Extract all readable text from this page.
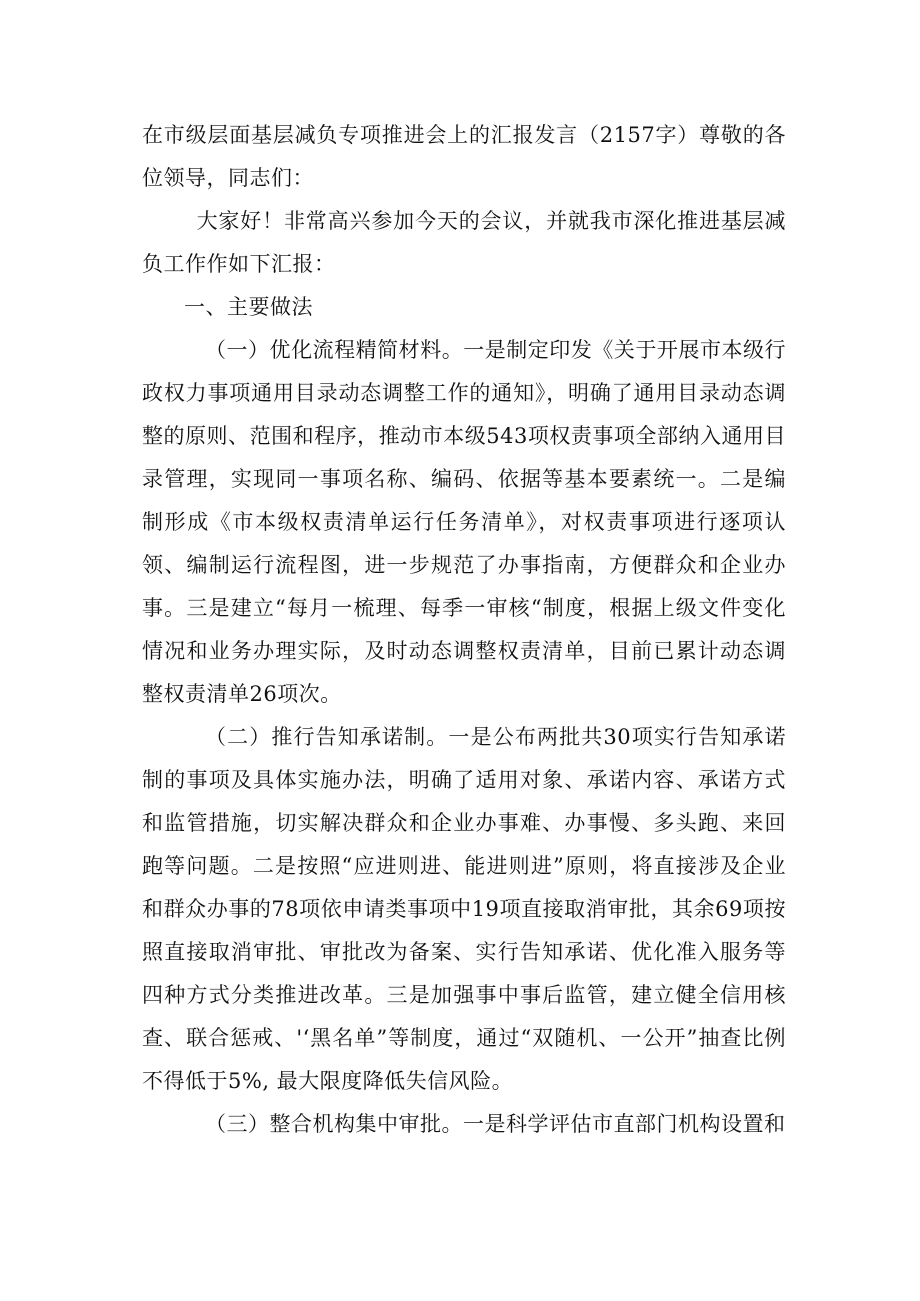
在市级层面基层减负专项推进会上的汇报发言（2157字）尊敬的各位领导，同志们：

大家好！非常高兴参加今天的会议，并就我市深化推进基层减负工作作如下汇报：

一、主要做法

（一）优化流程精简材料。一是制定印发《关于开展市本级行政权力事项通用目录动态调整工作的通知》，明确了通用目录动态调整的原则、范围和程序，推动市本级543项权责事项全部纳入通用目录管理，实现同一事项名称、编码、依据等基本要素统一。二是编制形成《市本级权责清单运行任务清单》，对权责事项进行逐项认领、编制运行流程图，进一步规范了办事指南，方便群众和企业办事。三是建立“每月一梳理、每季一审核“制度，根据上级文件变化情况和业务办理实际，及时动态调整权责清单，目前已累计动态调整权责清单26项次。

（二）推行告知承诺制。一是公布两批共30项实行告知承诺制的事项及具体实施办法，明确了适用对象、承诺内容、承诺方式和监管措施，切实解决群众和企业办事难、办事慢、多头跑、来回跑等问题。二是按照“应进则进、能进则进”原则，将直接涉及企业和群众办事的78项依申请类事项中19项直接取消审批，其余69项按照直接取消审批、审批改为备案、实行告知承诺、优化准入服务等四种方式分类推进改革。三是加强事中事后监管，建立健全信用核查、联合惩戒、'‘黑名单”等制度，通过“双随机、一公开”抽查比例不得低于5%, 最大限度降低失信风险。

（三）整合机构集中审批。一是科学评估市直部门机构设置和
